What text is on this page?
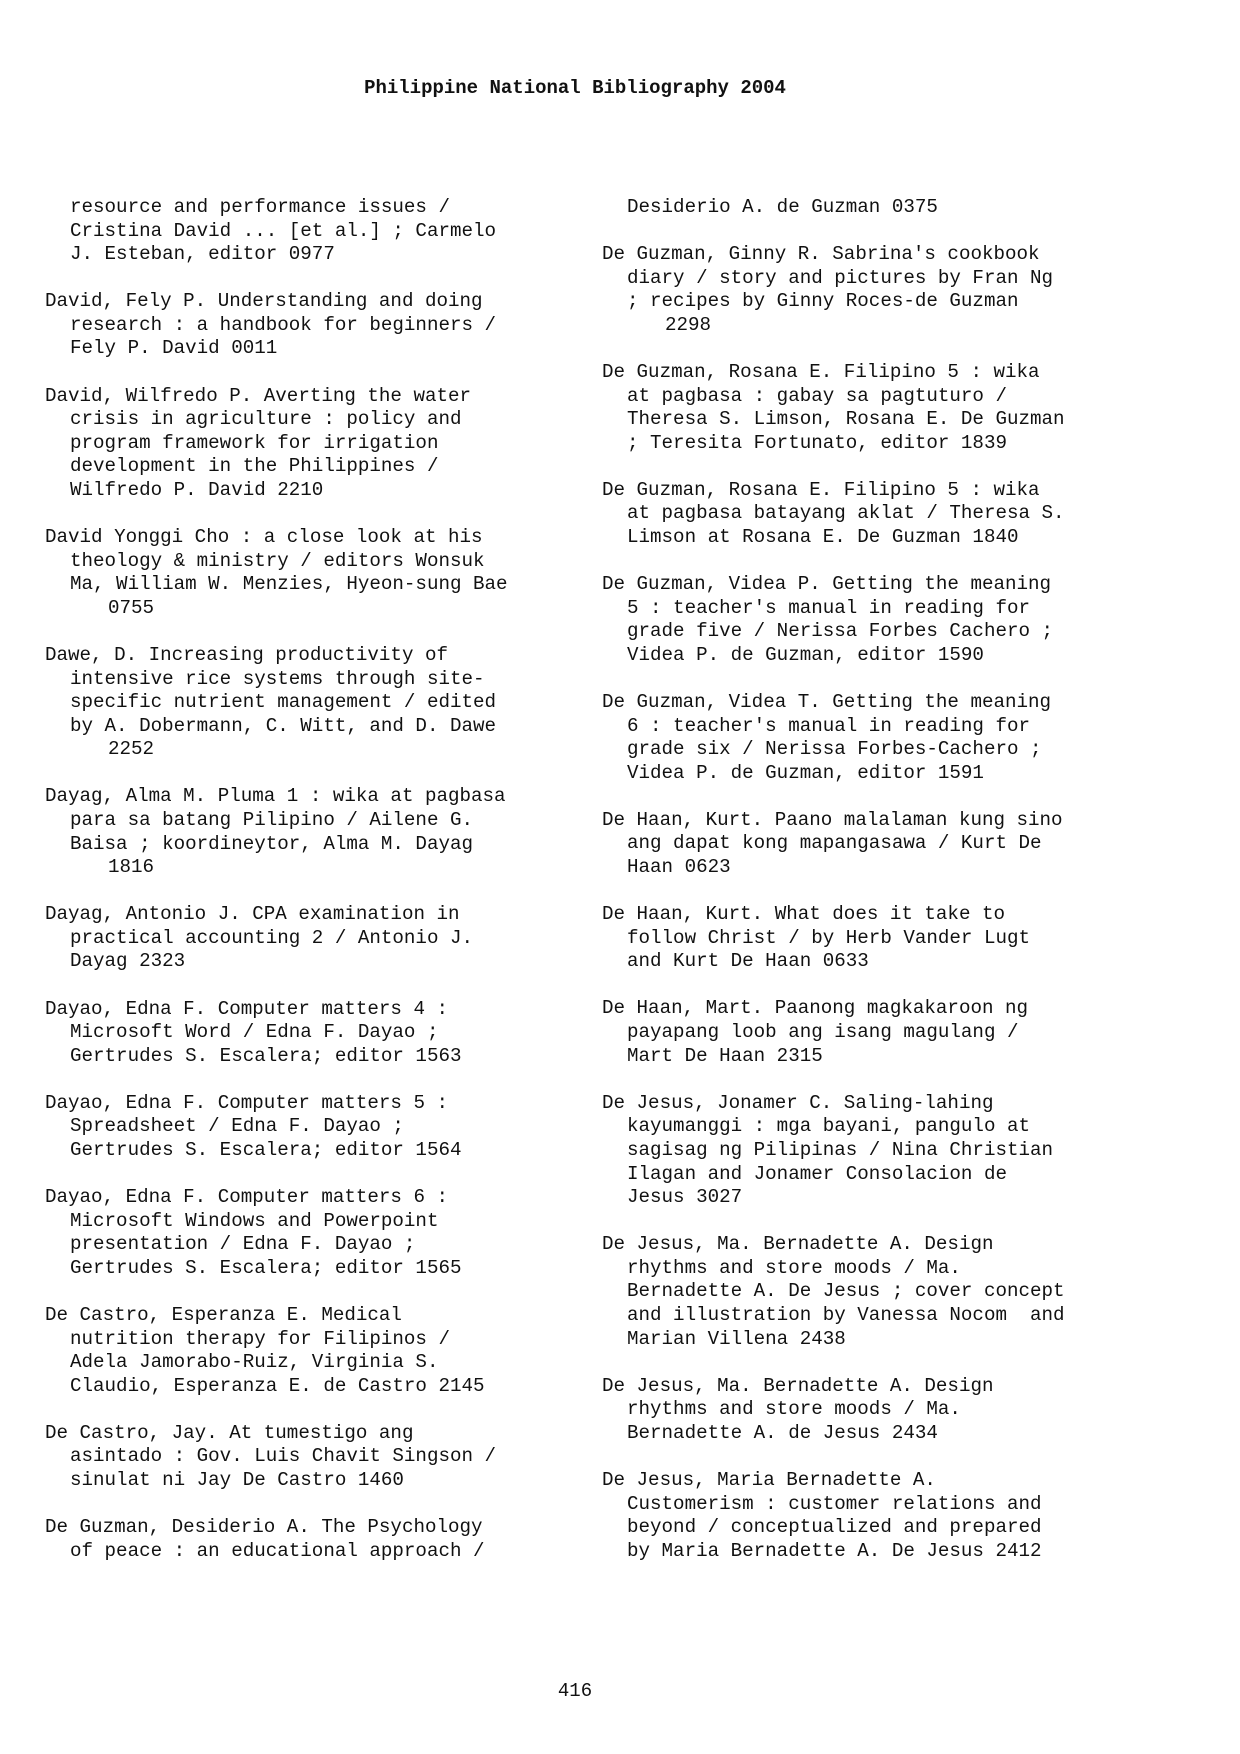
Philippine National Bibliography 2004
resource and performance issues /
Cristina David ... [et al.] ; Carmelo
J. Esteban, editor 0977
David, Fely P. Understanding and doing
research : a handbook for beginners /
Fely P. David 0011
David, Wilfredo P. Averting the water
crisis in agriculture : policy and
program framework for irrigation
development in the Philippines /
Wilfredo P. David 2210
David Yonggi Cho : a close look at his
theology & ministry / editors Wonsuk
Ma, William W. Menzies, Hyeon-sung Bae
0755
Dawe, D. Increasing productivity of
intensive rice systems through site-
specific nutrient management / edited
by A. Dobermann, C. Witt, and D. Dawe
2252
Dayag, Alma M. Pluma 1 : wika at pagbasa
para sa batang Pilipino / Ailene G.
Baisa ; koordineytor, Alma M. Dayag
1816
Dayag, Antonio J. CPA examination in
practical accounting 2 / Antonio J.
Dayag 2323
Dayao, Edna F. Computer matters 4 :
Microsoft Word / Edna F. Dayao ;
Gertrudes S. Escalera; editor 1563
Dayao, Edna F. Computer matters 5 :
Spreadsheet / Edna F. Dayao ;
Gertrudes S. Escalera; editor 1564
Dayao, Edna F. Computer matters 6 :
Microsoft Windows and Powerpoint
presentation / Edna F. Dayao ;
Gertrudes S. Escalera; editor 1565
De Castro, Esperanza E. Medical
nutrition therapy for Filipinos /
Adela Jamorabo-Ruiz, Virginia S.
Claudio, Esperanza E. de Castro 2145
De Castro, Jay. At tumestigo ang
asintado : Gov. Luis Chavit Singson /
sinulat ni Jay De Castro 1460
De Guzman, Desiderio A. The Psychology
of peace : an educational approach /
Desiderio A. de Guzman 0375
De Guzman, Ginny R. Sabrina's cookbook
diary / story and pictures by Fran Ng
; recipes by Ginny Roces-de Guzman
2298
De Guzman, Rosana E. Filipino 5 : wika
at pagbasa : gabay sa pagtuturo /
Theresa S. Limson, Rosana E. De Guzman
; Teresita Fortunato, editor 1839
De Guzman, Rosana E. Filipino 5 : wika
at pagbasa batayang aklat / Theresa S.
Limson at Rosana E. De Guzman 1840
De Guzman, Videa P. Getting the meaning
5 : teacher's manual in reading for
grade five / Nerissa Forbes Cachero ;
Videa P. de Guzman, editor 1590
De Guzman, Videa T. Getting the meaning
6 : teacher's manual in reading for
grade six / Nerissa Forbes-Cachero ;
Videa P. de Guzman, editor 1591
De Haan, Kurt. Paano malalaman kung sino
ang dapat kong mapangasawa / Kurt De
Haan 0623
De Haan, Kurt. What does it take to
follow Christ / by Herb Vander Lugt
and Kurt De Haan 0633
De Haan, Mart. Paanong magkakaroon ng
payapang loob ang isang magulang /
Mart De Haan 2315
De Jesus, Jonamer C. Saling-lahing
kayumanggi : mga bayani, pangulo at
sagisag ng Pilipinas / Nina Christian
Ilagan and Jonamer Consolacion de
Jesus 3027
De Jesus, Ma. Bernadette A. Design
rhythms and store moods / Ma.
Bernadette A. De Jesus ; cover concept
and illustration by Vanessa Nocom  and
Marian Villena 2438
De Jesus, Ma. Bernadette A. Design
rhythms and store moods / Ma.
Bernadette A. de Jesus 2434
De Jesus, Maria Bernadette A.
Customerism : customer relations and
beyond / conceptualized and prepared
by Maria Bernadette A. De Jesus 2412
416
